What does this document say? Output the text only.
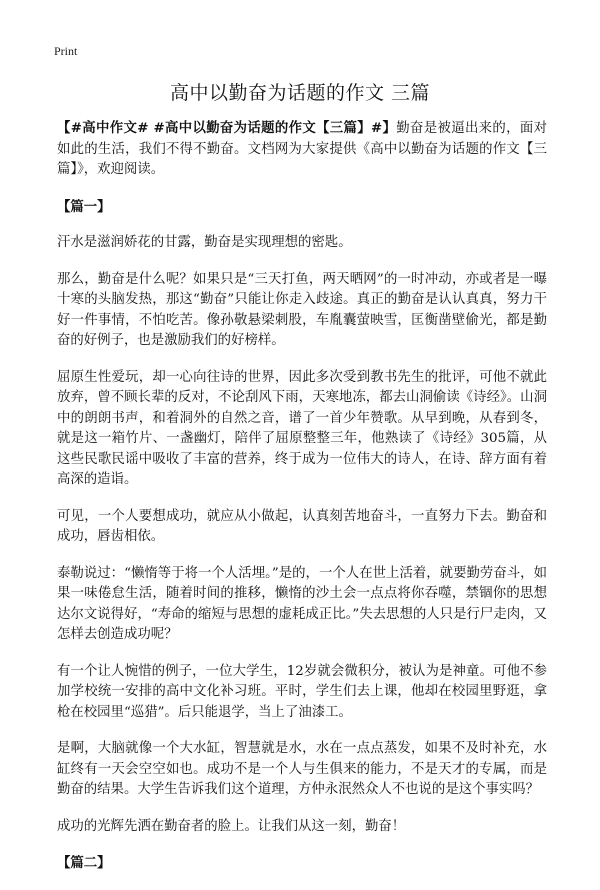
Print
高中以勤奋为话题的作文 三篇

【#高中作文# #高中以勤奋为话题的作文【三篇】#】勤奋是被逼出来的，面对如此的生活，我们不得不勤奋。文档网为大家提供《高中以勤奋为话题的作文【三篇】》，欢迎阅读。

【篇一】

汗水是滋润娇花的甘露，勤奋是实现理想的密匙。

那么，勤奋是什么呢？如果只是“三天打鱼，两天晒网”的一时冲动，亦或者是一曝十寒的头脑发热，那这“勤奋”只能让你走入歧途。真正的勤奋是认认真真，努力干好一件事情，不怕吃苦。像孙敬悬梁刺股，车胤囊萤映雪，匡衡凿壁偷光，都是勤奋的好例子，也是激励我们的好榜样。

屈原生性爱玩，却一心向往诗的世界，因此多次受到教书先生的批评，可他不就此放弃，曾不顾长辈的反对，不论刮风下雨，天寒地冻，都去山洞偷读《诗经》。山洞中的朗朗书声，和着洞外的自然之音，谱了一首少年赞歌。从早到晚，从春到冬，就是这一箱竹片、一盏幽灯，陪伴了屈原整整三年，他熟读了《诗经》305篇，从这些民歌民谣中吸收了丰富的营养，终于成为一位伟大的诗人，在诗、辞方面有着高深的造诣。

可见，一个人要想成功，就应从小做起，认真刻苦地奋斗，一直努力下去。勤奋和成功，唇齿相依。

泰勒说过：“懒惰等于将一个人活埋。”是的，一个人在世上活着，就要勤劳奋斗，如果一味倦怠生活，随着时间的推移，懒惰的沙土会一点点将你吞噬，禁锢你的思想达尔文说得好，“寿命的缩短与思想的虚耗成正比。”失去思想的人只是行尸走肉，又怎样去创造成功呢？

有一个让人惋惜的例子，一位大学生，12岁就会微积分，被认为是神童。可他不参加学校统一安排的高中文化补习班。平时，学生们去上课，他却在校园里野逛，拿枪在校园里“巡猎”。后只能退学，当上了油漆工。

是啊，大脑就像一个大水缸，智慧就是水，水在一点点蒸发，如果不及时补充，水缸终有一天会空空如也。成功不是一个人与生俱来的能力，不是天才的专属，而是勤奋的结果。大学生告诉我们这个道理，方仲永泯然众人不也说的是这个事实吗？

成功的光辉先洒在勤奋者的脸上。让我们从这一刻，勤奋！

【篇二】
